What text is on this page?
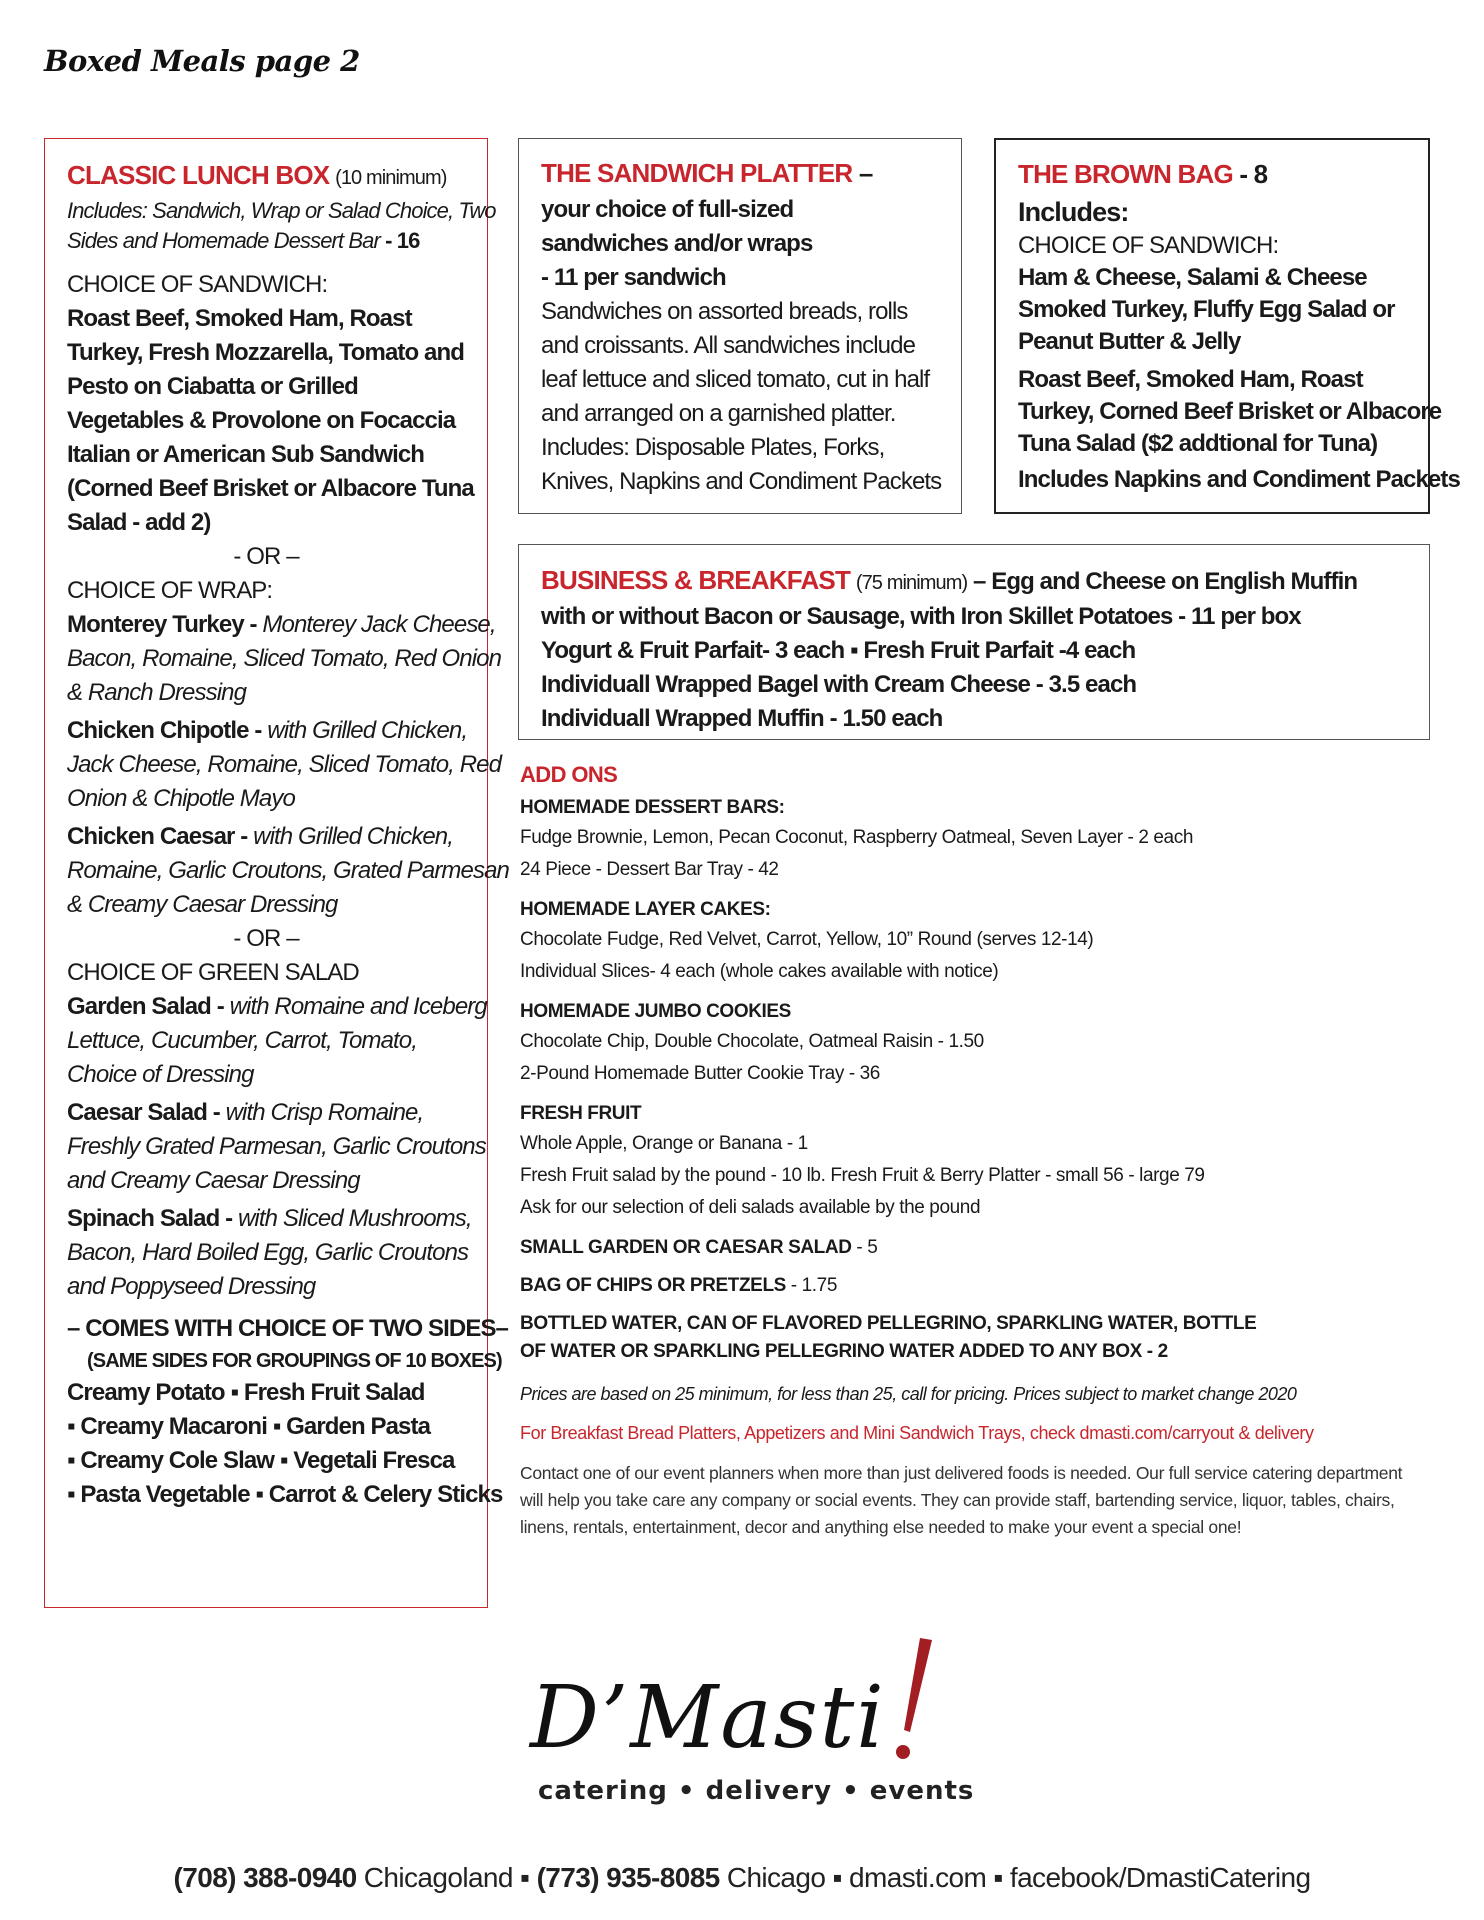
Boxed Meals page 2
CLASSIC LUNCH BOX (10 minimum)
Includes: Sandwich, Wrap or Salad Choice, Two
Sides and Homemade Dessert Bar - 16
CHOICE OF SANDWICH:
Roast Beef, Smoked Ham, Roast
Turkey, Fresh Mozzarella, Tomato and
Pesto on Ciabatta or Grilled
Vegetables & Provolone on Focaccia
Italian or American Sub Sandwich
(Corned Beef Brisket or Albacore Tuna
Salad - add 2)
- OR –
CHOICE OF WRAP:
Monterey Turkey - Monterey Jack Cheese,
Bacon, Romaine, Sliced Tomato, Red Onion
& Ranch Dressing
Chicken Chipotle - with Grilled Chicken,
Jack Cheese, Romaine, Sliced Tomato, Red
Onion & Chipotle Mayo
Chicken Caesar - with Grilled Chicken,
Romaine, Garlic Croutons, Grated Parmesan
& Creamy Caesar Dressing
- OR –
CHOICE OF GREEN SALAD
Garden Salad - with Romaine and Iceberg
Lettuce, Cucumber, Carrot, Tomato,
Choice of Dressing
Caesar Salad - with Crisp Romaine,
Freshly Grated Parmesan, Garlic Croutons
and Creamy Caesar Dressing
Spinach Salad - with Sliced Mushrooms,
Bacon, Hard Boiled Egg, Garlic Croutons
and Poppyseed Dressing
– COMES WITH CHOICE OF TWO SIDES–
(SAME SIDES FOR GROUPINGS OF 10 BOXES)
Creamy Potato ▪ Fresh Fruit Salad
▪ Creamy Macaroni ▪ Garden Pasta
▪ Creamy Cole Slaw ▪ Vegetali Fresca
▪ Pasta Vegetable ▪ Carrot & Celery Sticks
THE SANDWICH PLATTER –
your choice of full-sized
sandwiches and/or wraps
- 11 per sandwich
Sandwiches on assorted breads, rolls
and croissants. All sandwiches include
leaf lettuce and sliced tomato, cut in half
and arranged on a garnished platter.
Includes: Disposable Plates, Forks,
Knives, Napkins and Condiment Packets
THE BROWN BAG - 8
Includes:
CHOICE OF SANDWICH:
Ham & Cheese, Salami & Cheese
Smoked Turkey, Fluffy Egg Salad or
Peanut Butter & Jelly
Roast Beef, Smoked Ham, Roast
Turkey, Corned Beef Brisket or Albacore
Tuna Salad ($2 addtional for Tuna)
Includes Napkins and Condiment Packets
BUSINESS & BREAKFAST (75 minimum) – Egg and Cheese on English Muffin
with or without Bacon or Sausage, with Iron Skillet Potatoes - 11 per box
Yogurt & Fruit Parfait- 3 each ▪ Fresh Fruit Parfait -4 each
Individuall Wrapped Bagel with Cream Cheese - 3.5 each
Individuall Wrapped Muffin - 1.50 each
ADD ONS
HOMEMADE DESSERT BARS:
Fudge Brownie, Lemon, Pecan Coconut, Raspberry Oatmeal, Seven Layer - 2 each
24 Piece - Dessert Bar Tray - 42
HOMEMADE LAYER CAKES:
Chocolate Fudge, Red Velvet, Carrot, Yellow, 10” Round (serves 12-14)
Individual Slices- 4 each (whole cakes available with notice)
HOMEMADE JUMBO COOKIES
Chocolate Chip, Double Chocolate, Oatmeal Raisin - 1.50
2-Pound Homemade Butter Cookie Tray - 36
FRESH FRUIT
Whole Apple, Orange or Banana - 1
Fresh Fruit salad by the pound - 10 lb. Fresh Fruit & Berry Platter - small 56 - large 79
Ask for our selection of deli salads available by the pound
SMALL GARDEN OR CAESAR SALAD - 5
BAG OF CHIPS OR PRETZELS - 1.75
BOTTLED WATER, CAN OF FLAVORED PELLEGRINO, SPARKLING WATER, BOTTLE
OF WATER OR SPARKLING PELLEGRINO WATER ADDED TO ANY BOX - 2
Prices are based on 25 minimum, for less than 25, call for pricing. Prices subject to market change 2020
For Breakfast Bread Platters, Appetizers and Mini Sandwich Trays, check dmasti.com/carryout & delivery
Contact one of our event planners when more than just delivered foods is needed. Our full service catering department will help you take care any company or social events. They can provide staff, bartending service, liquor, tables, chairs, linens, rentals, entertainment, decor and anything else needed to make your event a special one!
D’Masti
catering • delivery • events
(708) 388-0940 Chicagoland ▪ (773) 935-8085 Chicago ▪ dmasti.com ▪ facebook/DmastiCatering
